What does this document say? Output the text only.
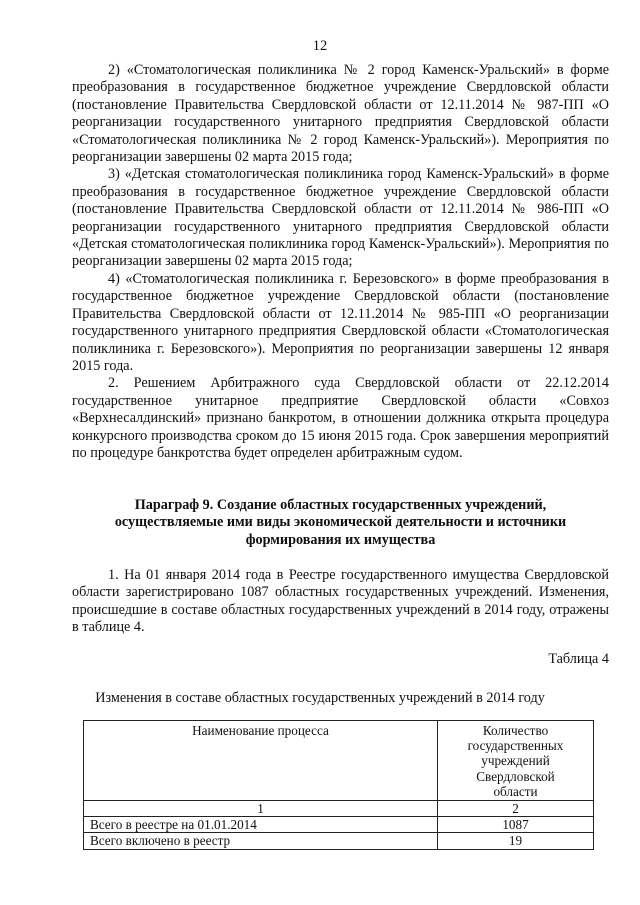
12

2) «Стоматологическая поликлиника № 2 город Каменск-Уральский» в форме преобразования в государственное бюджетное учреждение Свердловской области (постановление Правительства Свердловской области от 12.11.2014 № 987-ПП «О реорганизации государственного унитарного предприятия Свердловской области «Стоматологическая поликлиника № 2 город Каменск-Уральский»). Мероприятия по реорганизации завершены 02 марта 2015 года;

3) «Детская стоматологическая поликлиника город Каменск-Уральский» в форме преобразования в государственное бюджетное учреждение Свердловской области (постановление Правительства Свердловской области от 12.11.2014 № 986-ПП «О реорганизации государственного унитарного предприятия Свердловской области «Детская стоматологическая поликлиника город Каменск-Уральский»). Мероприятия по реорганизации завершены 02 марта 2015 года;

4) «Стоматологическая поликлиника г. Березовского» в форме преобразования в государственное бюджетное учреждение Свердловской области (постановление Правительства Свердловской области от 12.11.2014 № 985-ПП «О реорганизации государственного унитарного предприятия Свердловской области «Стоматологическая поликлиника г. Березовского»). Мероприятия по реорганизации завершены 12 января 2015 года.

2. Решением Арбитражного суда Свердловской области от 22.12.2014 государственное унитарное предприятие Свердловской области «Совхоз «Верхнесалдинский» признано банкротом, в отношении должника открыта процедура конкурсного производства сроком до 15 июня 2015 года. Срок завершения мероприятий по процедуре банкротства будет определен арбитражным судом.

Параграф 9. Создание областных государственных учреждений,
осуществляемые ими виды экономической деятельности и источники
формирования их имущества

1. На 01 января 2014 года в Реестре государственного имущества Свердловской области зарегистрировано 1087 областных государственных учреждений. Изменения, происшедшие в составе областных государственных учреждений в 2014 году, отражены в таблице 4.

Таблица 4
Изменения в составе областных государственных учреждений в 2014 году
Наименование процесса	Количество
государственных
учреждений
Свердловской
области

1	2
Всего в реестре на 01.01.2014	1087
Всего включено в реестр	19
